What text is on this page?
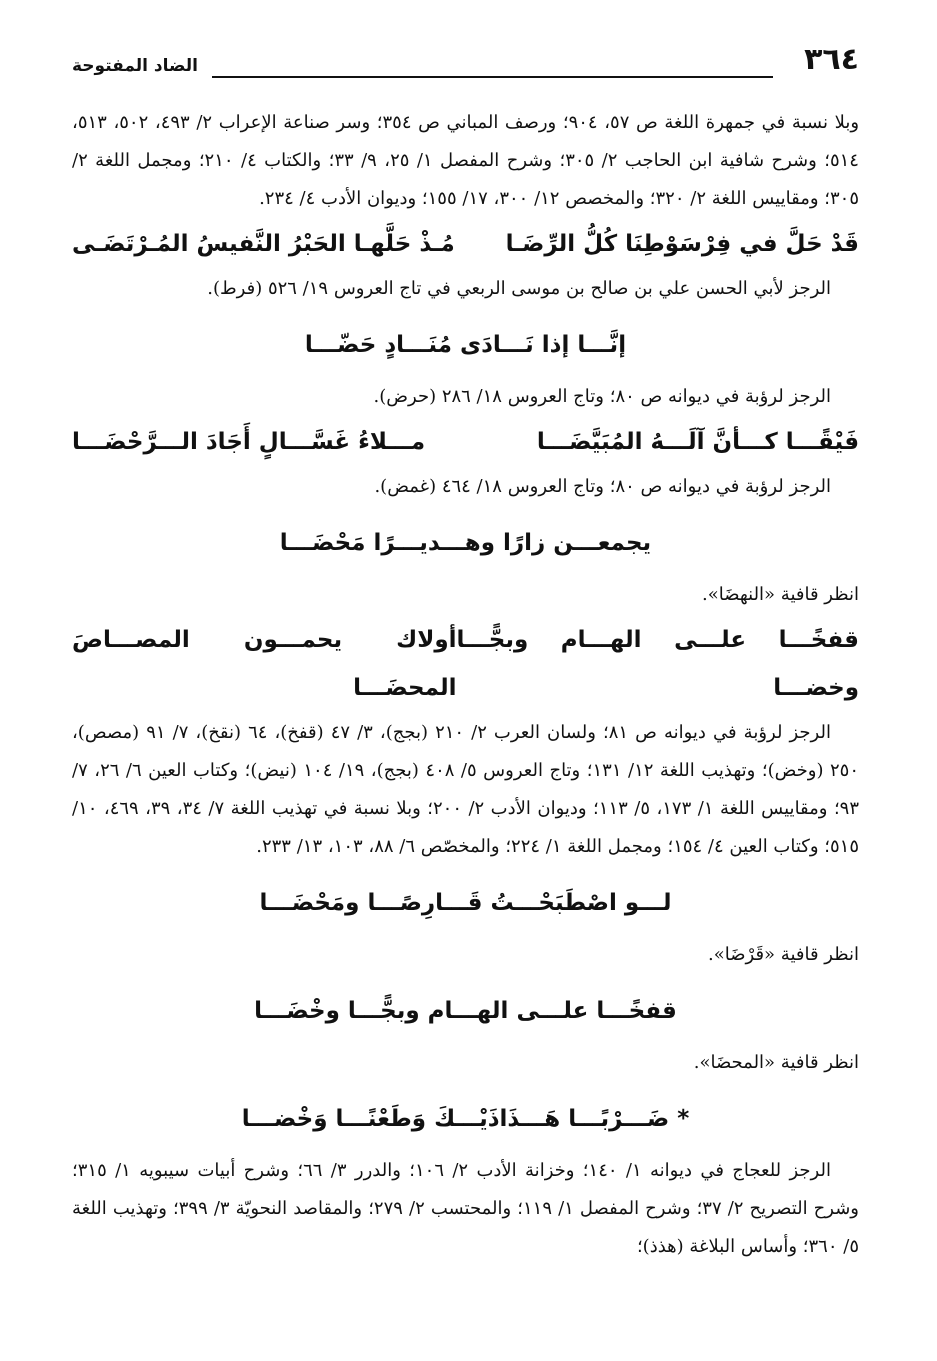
٣٦٤
الضاد المفتوحة

وبلا نسبة في جمهرة اللغة ص ٥٧، ٩٠٤؛ ورصف المباني ص ٣٥٤؛ وسر صناعة الإعراب ٢/ ٤٩٣، ٥٠٢، ٥١٣، ٥١٤؛ وشرح شافية ابن الحاجب ٢/ ٣٠٥؛ وشرح المفصل ١/ ٢٥، ٩/ ٣٣؛ والكتاب ٤/ ٢١٠؛ ومجمل اللغة ٢/ ٣٠٥؛ ومقاييس اللغة ٢/ ٣٢٠؛ والمخصص ١٢/ ٣٠٠، ١٧/ ١٥٥؛ وديوان الأدب ٤/ ٢٣٤.

قَدْ حَلَّ في فِرْسَوْطِنَا كُلُّ الرِّضَـا
مُـذْ حَلَّهـا الحَبْرُ النَّفيسُ المُـرْتَضَـى

الرجز لأبي الحسن علي بن صالح بن موسى الربعي في تاج العروس ١٩/ ٥٢٦ (فرط).

إنَّـــا إذا نَـــادَى مُنَـــادٍ حَضّـــا

الرجز لرؤبة في ديوانه ص ٨٠؛ وتاج العروس ١٨/ ٢٨٦ (حرض).

فَيْقًـــا كـــأنَّ آلَـــهُ المُبَيَّضَـــا
مـــلاءُ غَسَّـــالٍ أَجَادَ الـــرَّحْضَـــا

الرجز لرؤبة في ديوانه ص ٨٠؛ وتاج العروس ١٨/ ٤٦٤ (غمض).

يجمعـــن زارًا وهـــديـــرًا مَحْضَـــا

انظر قافية «النهضَا».

قفخًـــا علـــى الهـــام وبجًّـــا وخضـــا
أولاك يحمـــون المصـــاصَ المحضَـــا

الرجز لرؤبة في ديوانه ص ٨١؛ ولسان العرب ٢/ ٢١٠ (بجج)، ٣/ ٤٧ (قفخ)، ٦٤ (نقخ)، ٧/ ٩١ (مصص)، ٢٥٠ (وخض)؛ وتهذيب اللغة ١٢/ ١٣١؛ وتاج العروس ٥/ ٤٠٨ (بجج)، ١٩/ ١٠٤ (نيض)؛ وكتاب العين ٦/ ٢٦، ٧/ ٩٣؛ ومقاييس اللغة ١/ ١٧٣، ٥/ ١١٣؛ وديوان الأدب ٢/ ٢٠٠؛ وبلا نسبة في تهذيب اللغة ٧/ ٣٤، ٣٩، ٤٦٩، ١٠/ ٥١٥؛ وكتاب العين ٤/ ١٥٤؛ ومجمل اللغة ١/ ٢٢٤؛ والمخصّص ٦/ ٨٨، ١٠٣، ١٣/ ٢٣٣.

لـــو اصْطَبَحْـــتُ قَـــارِصًـــا ومَحْضَـــا

انظر قافية «قَرْضَا».

قفخًـــا علـــى الهـــام وبجًّـــا وخْضَـــا

انظر قافية «المحضَا».

* ضَـــرْبًـــا هَـــذَاذَيْـــكَ وَطَعْنًـــا وَخْضـــا

الرجز للعجاج في ديوانه ١/ ١٤٠؛ وخزانة الأدب ٢/ ١٠٦؛ والدرر ٣/ ٦٦؛ وشرح أبيات سيبويه ١/ ٣١٥؛ وشرح التصريح ٢/ ٣٧؛ وشرح المفصل ١/ ١١٩؛ والمحتسب ٢/ ٢٧٩؛ والمقاصد النحويّة ٣/ ٣٩٩؛ وتهذيب اللغة ٥/ ٣٦٠؛ وأساس البلاغة (هذذ)؛
